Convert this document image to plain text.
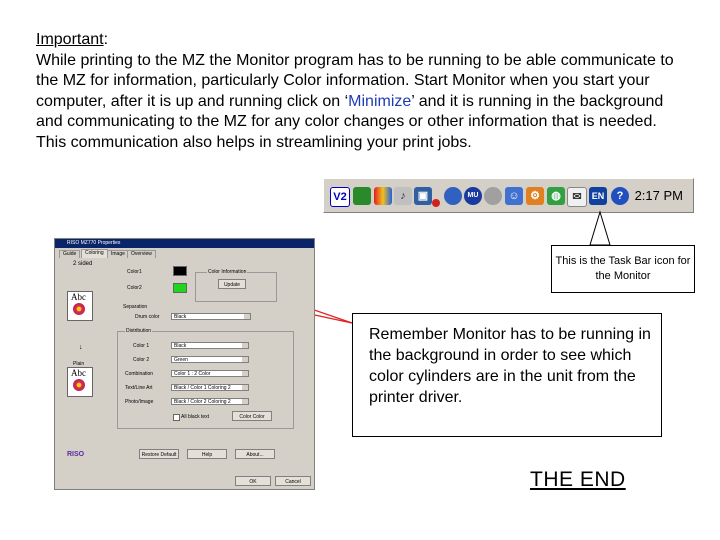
Important:
While printing to the MZ the Monitor program has to be running to be able communicate to the MZ for information, particularly Color information. Start Monitor when you start your computer, after it is up and running click on ‘Minimize’ and it is running in the background and communicating to the MZ for any color changes or other information that is needed. This communication also helps in streamlining your print jobs.
V2	♪	▣	MU	☺ ⚙	◍	✉	EN	? 2:17 PM
This is the Task Bar icon for the Monitor
Remember Monitor has to be running in the background in order to see which color cylinders are in the unit from the printer driver.
THE END
RISO MZ770 Properties
Guide	Coloring	Image	Overview
2 sided
Abc
Color1
Color2
Color Information
Update
Separation
Drum color	Black
Distribution
Color 1	Black
Color 2	Green
Combination	Color 1 : 2 Color
Text/Line Art	Black / Color 1 Coloring 2
Photo/Image	Black / Color 2 Coloring 2
All black text	Color Color
↓
Plain
Abc
RISO	Restore Default	Help	About...
OK	Cancel
